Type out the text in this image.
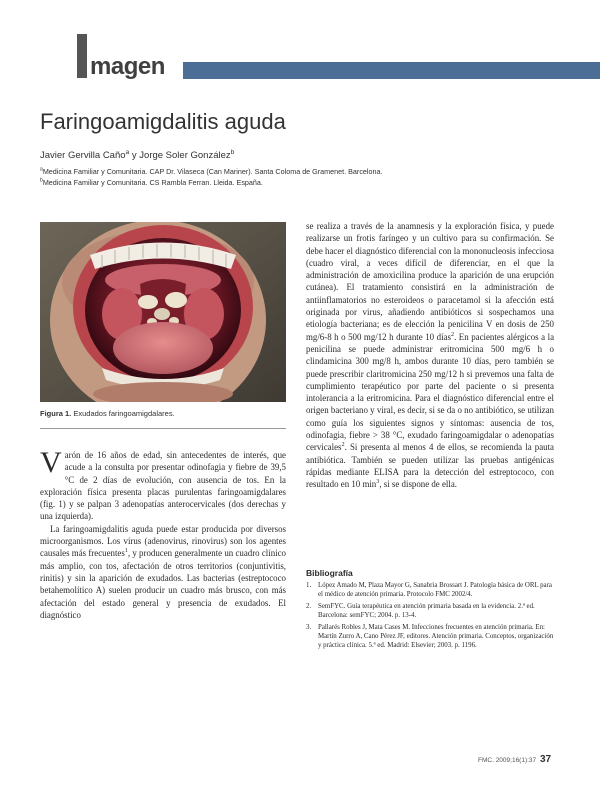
magen
Faringoamigdalitis aguda
Javier Gervilla Caño$^a$ y Jorge Soler González$^b$
$^a$Medicina Familiar y Comunitaria. CAP Dr. Vilaseca (Can Mariner). Santa Coloma de Gramenet. Barcelona.
$^b$Medicina Familiar y Comunitaria. CS Rambla Ferran. Lleida. España.
Figura 1. Exudados faringoamigdalares.

Varón de 16 años de edad, sin antecedentes de interés, que acude a la consulta por presentar odinofagia y fiebre de 39,5 °C de 2 días de evolución, con ausencia de tos. En la exploración física presenta placas purulentas faringoamigdalares (fig. 1) y se palpan 3 adenopatías anterocervicales (dos derechas y una izquierda).

La faringoamigdalitis aguda puede estar producida por diversos microorganismos. Los virus (adenovirus, rinovirus) son los agentes causales más frecuentes$^1$, y producen generalmente un cuadro clínico más amplio, con tos, afectación de otros territorios (conjuntivitis, rinitis) y sin la aparición de exudados. Las bacterias (estreptococo betahemolítico A) suelen producir un cuadro más brusco, con más afectación del estado general y presencia de exudados. El diagnóstico

se realiza a través de la anamnesis y la exploración física, y puede realizarse un frotis faríngeo y un cultivo para su confirmación. Se debe hacer el diagnóstico diferencial con la mononucleosis infecciosa (cuadro viral, a veces difícil de diferenciar, en el que la administración de amoxicilina produce la aparición de una erupción cutánea). El tratamiento consistirá en la administración de antiinflamatorios no esteroideos o paracetamol si la afección está originada por virus, añadiendo antibióticos si sospechamos una etiología bacteriana; es de elección la penicilina V en dosis de 250 mg/6-8 h o 500 mg/12 h durante 10 días$^2$. En pacientes alérgicos a la penicilina se puede administrar eritromicina 500 mg/6 h o clindamicina 300 mg/8 h, ambos durante 10 días, pero también se puede prescribir claritromicina 250 mg/12 h si prevemos una falta de cumplimiento terapéutico por parte del paciente o si presenta intolerancia a la eritromicina. Para el diagnóstico diferencial entre el origen bacteriano y viral, es decir, si se da o no antibiótico, se utilizan como guía los siguientes signos y síntomas: ausencia de tos, odinofagia, fiebre > 38 °C, exudado faringoamigdalar o adenopatías cervicales$^2$. Si presenta al menos 4 de ellos, se recomienda la pauta antibiótica. También se pueden utilizar las pruebas antigénicas rápidas mediante ELISA para la detección del estreptococo, con resultado en 10 $\min^3$, si se dispone de ella.

Bibliografía
1. López Amado M, Plaza Mayor G, Sanabria Brossart J. Patología básica de ORL para el médico de atención primaria. Protocolo FMC 2002/4.
2. SemFYC. Guía terapéutica en atención primaria basada en la evidencia. 2.ª ed. Barcelona: semFYC; 2004. p. 13-4.
3. Pallarés Robles J, Mata Cases M. Infecciones frecuentes en atención primaria. En: Martín Zurro A, Cano Pérez JF, editores. Atención primaria. Conceptos, organización y práctica clínica. 5.ª ed. Madrid: Elsevier; 2003. p. 1196.
FMC. 2009;16(1):37 37
